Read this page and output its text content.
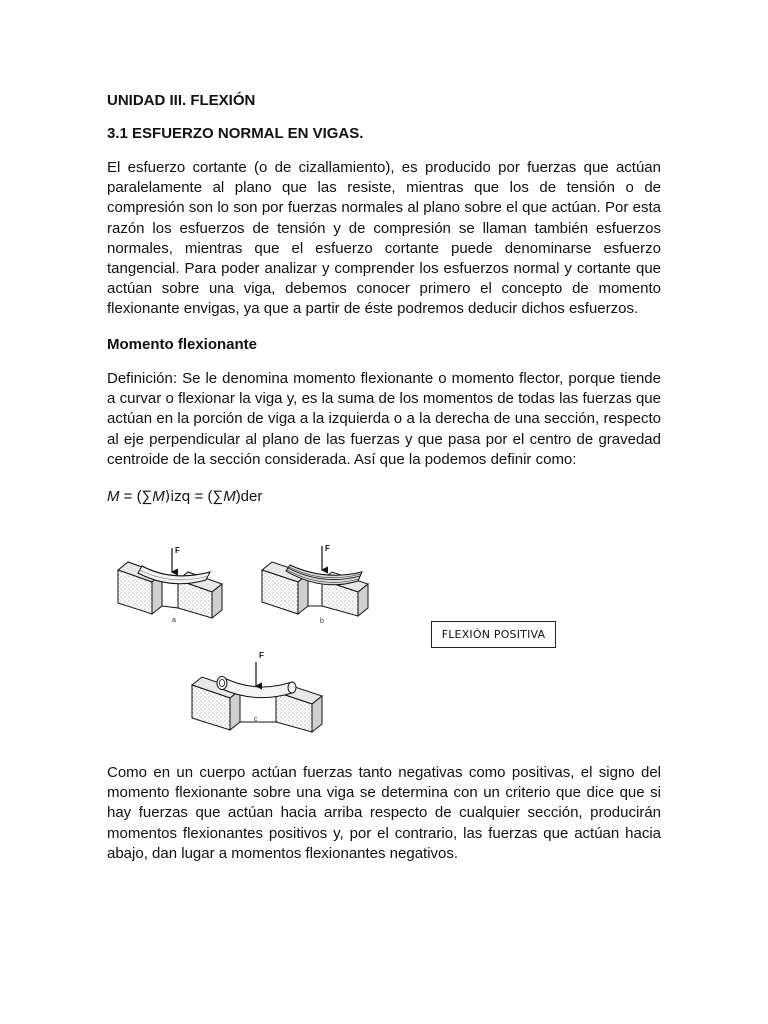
UNIDAD III. FLEXIÓN
3.1 ESFUERZO NORMAL EN VIGAS.

El esfuerzo cortante (o de cizallamiento), es producido por fuerzas que actúan paralelamente al plano que las resiste, mientras que los de tensión o de compresión son lo son por fuerzas normales al plano sobre el que actúan. Por esta razón los esfuerzos de tensión y de compresión se llaman también esfuerzos normales, mientras que el esfuerzo cortante puede denominarse esfuerzo tangencial. Para poder analizar y comprender los esfuerzos normal y cortante que actúan sobre una viga, debemos conocer primero el concepto de momento flexionante envigas, ya que a partir de éste podremos deducir dichos esfuerzos.

Momento flexionante

Definición: Se le denomina momento flexionante o momento flector, porque tiende a curvar o flexionar la viga y, es la suma de los momentos de todas las fuerzas que actúan en la porción de viga a la izquierda o a la derecha de una sección, respecto al eje perpendicular al plano de las fuerzas y que pasa por el centro de gravedad centroide de la sección considerada. Así que la podemos definir como:

M = (∑M)izq = (∑M)der

F	F
F
a	b
c
FLEXIÓN POSITIVA

Como en un cuerpo actúan fuerzas tanto negativas como positivas, el signo del momento flexionante sobre una viga se determina con un criterio que dice que si hay fuerzas que actúan hacia arriba respecto de cualquier sección, producirán momentos flexionantes positivos y, por el contrario, las fuerzas que actúan hacia abajo, dan lugar a momentos flexionantes negativos.
